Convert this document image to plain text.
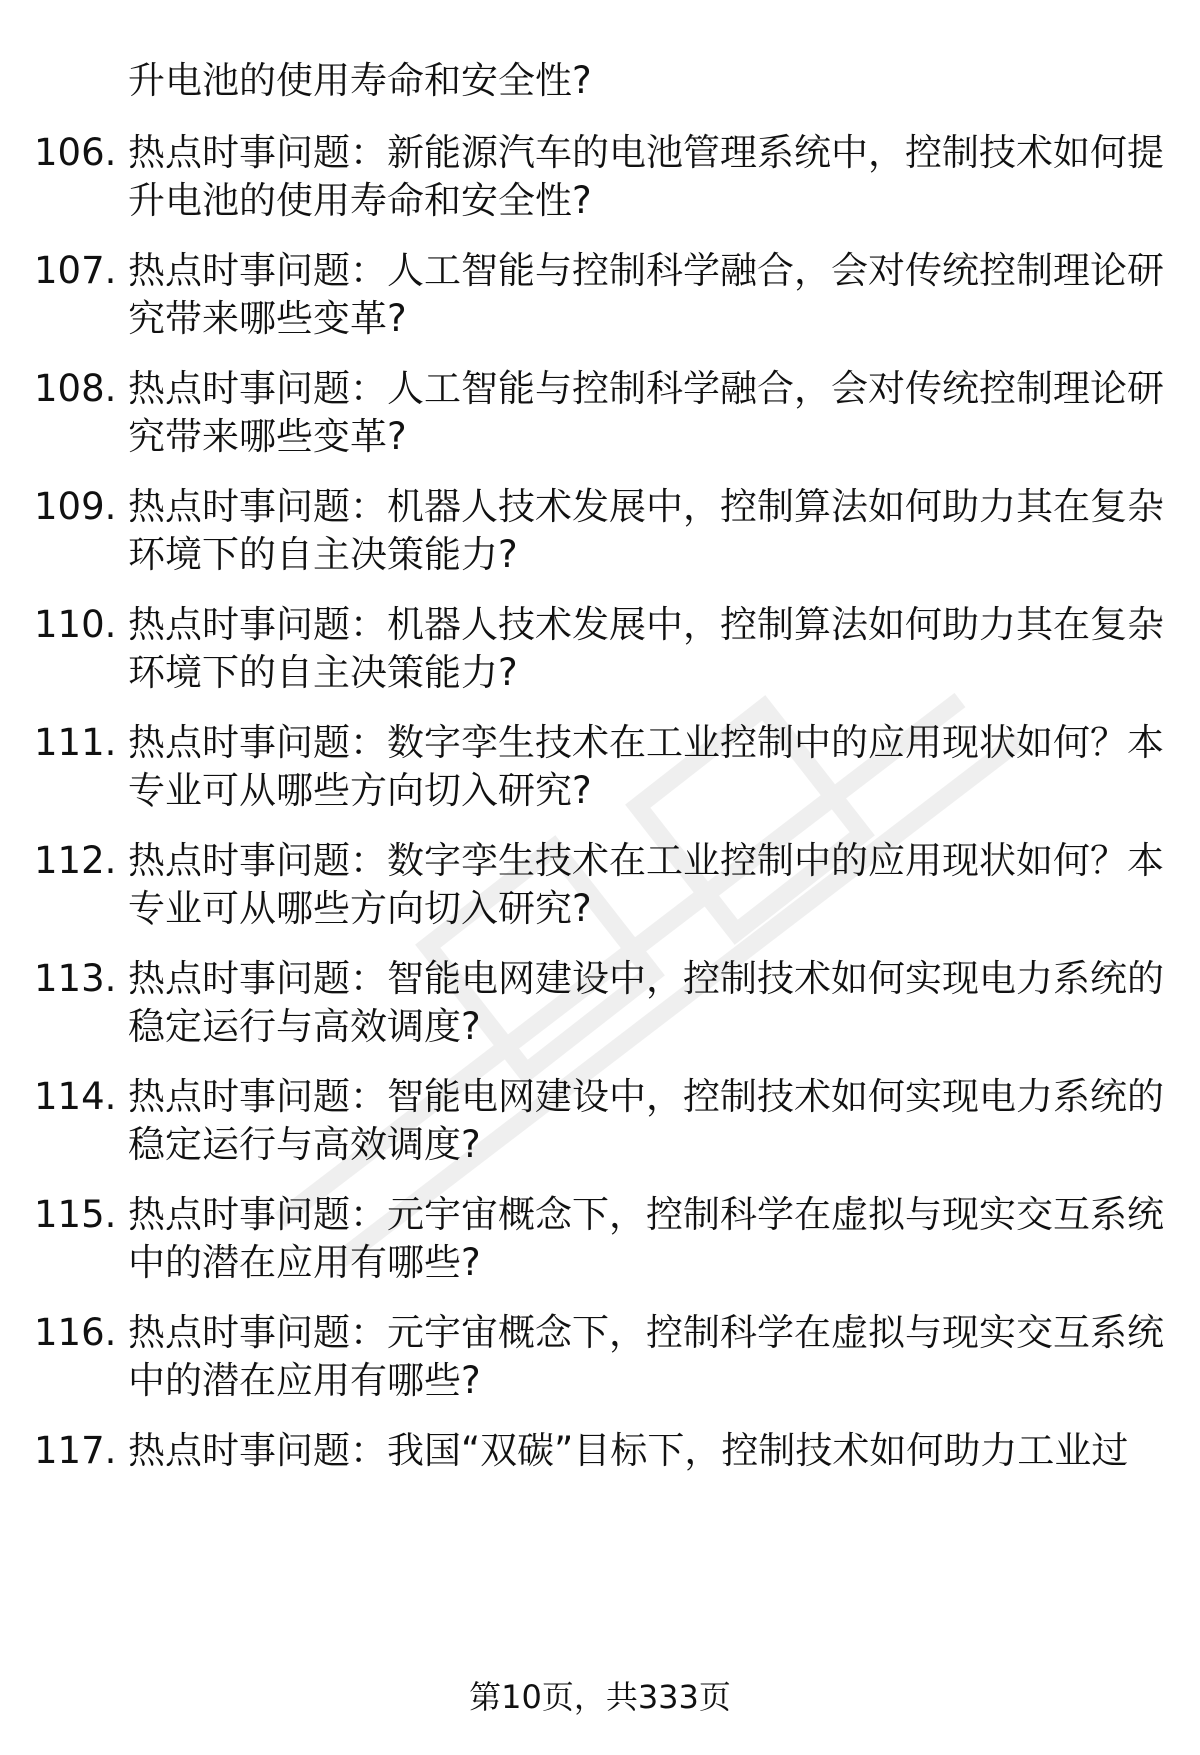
升电池的使用寿命和安全性?
106. 热点时事问题：新能源汽车的电池管理系统中，控制技术如何提
升电池的使用寿命和安全性?
107. 热点时事问题：人工智能与控制科学融合，会对传统控制理论研
究带来哪些变革?
108. 热点时事问题：人工智能与控制科学融合，会对传统控制理论研
究带来哪些变革?
109. 热点时事问题：机器人技术发展中，控制算法如何助力其在复杂
环境下的自主决策能力?
110. 热点时事问题：机器人技术发展中，控制算法如何助力其在复杂
环境下的自主决策能力?
111. 热点时事问题：数字孪生技术在工业控制中的应用现状如何？本
专业可从哪些方向切入研究?
112. 热点时事问题：数字孪生技术在工业控制中的应用现状如何？本
专业可从哪些方向切入研究?
113. 热点时事问题：智能电网建设中，控制技术如何实现电力系统的
稳定运行与高效调度?
114. 热点时事问题：智能电网建设中，控制技术如何实现电力系统的
稳定运行与高效调度?
115. 热点时事问题：元宇宙概念下，控制科学在虚拟与现实交互系统
中的潜在应用有哪些?
116. 热点时事问题：元宇宙概念下，控制科学在虚拟与现实交互系统
中的潜在应用有哪些?
117. 热点时事问题：我国“双碳”目标下，控制技术如何助力工业过
第10页，共333页
